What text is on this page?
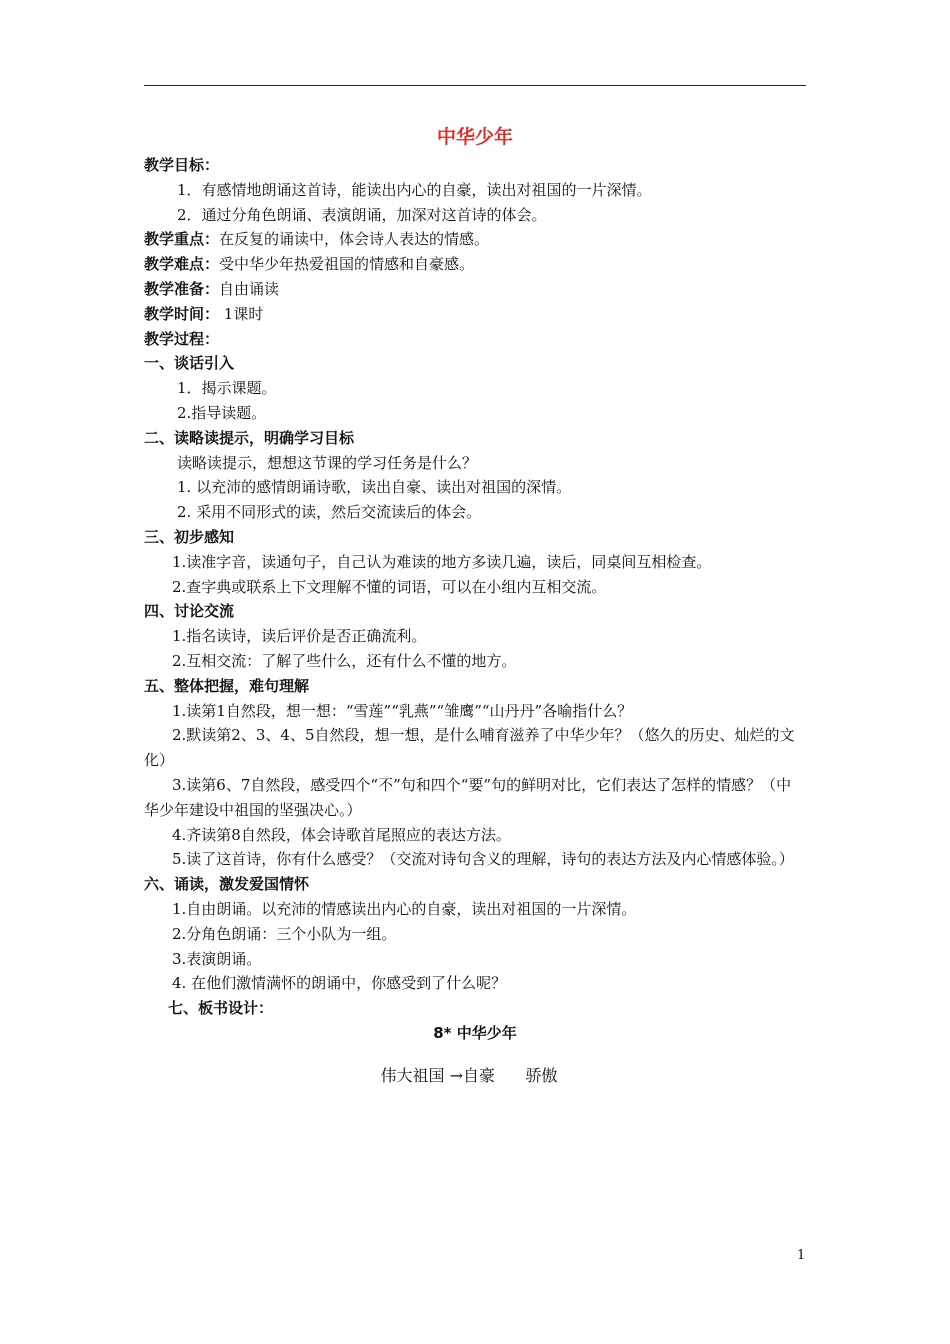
中华少年
教学目标：
1．有感情地朗诵这首诗，能读出内心的自豪，读出对祖国的一片深情。
2．通过分角色朗诵、表演朗诵，加深对这首诗的体会。
教学重点：在反复的诵读中，体会诗人表达的情感。
教学难点：受中华少年热爱祖国的情感和自豪感。
教学准备：自由诵读
教学时间： 1课时
教学过程：
一、谈话引入
1．揭示课题。
2.指导读题。
二、读略读提示，明确学习目标
读略读提示，想想这节课的学习任务是什么？
1. 以充沛的感情朗诵诗歌，读出自豪、读出对祖国的深情。
2. 采用不同形式的读，然后交流读后的体会。
三、初步感知
1.读准字音，读通句子，自己认为难读的地方多读几遍，读后，同桌间互相检查。
2.查字典或联系上下文理解不懂的词语，可以在小组内互相交流。
四、讨论交流
1.指名读诗，读后评价是否正确流利。
2.互相交流：了解了些什么，还有什么不懂的地方。
五、整体把握，难句理解
1.读第1自然段，想一想：“雪莲”“乳燕”“雏鹰”“山丹丹”各喻指什么？
2.默读第2、3、4、5自然段，想一想，是什么哺育滋养了中华少年？（悠久的历史、灿烂的文化）
3.读第6、7自然段，感受四个“不”句和四个“要”句的鲜明对比，它们表达了怎样的情感？（中华少年建设中祖国的坚强决心。）
4.齐读第8自然段，体会诗歌首尾照应的表达方法。
5.读了这首诗，你有什么感受？（交流对诗句含义的理解，诗句的表达方法及内心情感体验。）
六、诵读，激发爱国情怀
1.自由朗诵。以充沛的情感读出内心的自豪，读出对祖国的一片深情。
2.分角色朗诵：三个小队为一组。
3.表演朗诵。
4. 在他们激情满怀的朗诵中，你感受到了什么呢？
七、板书设计：
8* 中华少年
伟大祖国 →自豪      骄傲
1
